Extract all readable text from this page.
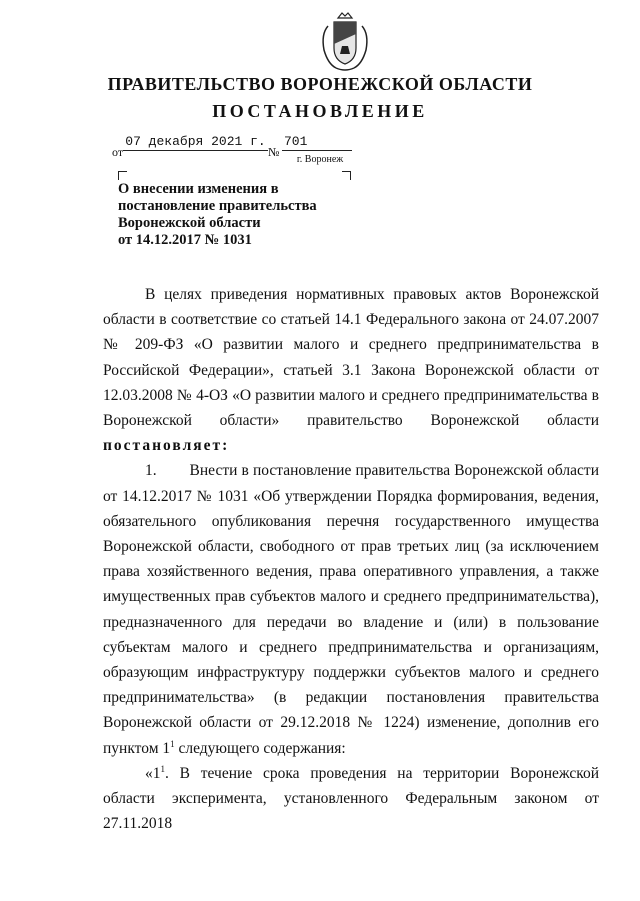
ПРАВИТЕЛЬСТВО ВОРОНЕЖСКОЙ ОБЛАСТИ
ПОСТАНОВЛЕНИЕ
от
07 декабря 2021 г.
№
701
г. Воронеж
О внесении изменения в
постановление правительства
Воронежской области
от 14.12.2017 № 1031

В целях приведения нормативных правовых актов Воронежской области в соответствие со статьей 14.1 Федерального закона от 24.07.2007 № 209-ФЗ «О развитии малого и среднего предпринимательства в Российской Федерации», статьей 3.1 Закона Воронежской области от 12.03.2008 № 4-ОЗ «О развитии малого и среднего предпринимательства в Воронежской области» правительство Воронежской области постановляет:

1. Внести в постановление правительства Воронежской области от 14.12.2017 № 1031 «Об утверждении Порядка формирования, ведения, обязательного опубликования перечня государственного имущества Воронежской области, свободного от прав третьих лиц (за исключением права хозяйственного ведения, права оперативного управления, а также имущественных прав субъектов малого и среднего предпринимательства), предназначенного для передачи во владение и (или) в пользование субъектам малого и среднего предпринимательства и организациям, образующим инфраструктуру поддержки субъектов малого и среднего предпринимательства» (в редакции постановления правительства Воронежской области от 29.12.2018 № 1224) изменение, дополнив его пунктом $1^1$ следующего содержания:

«$1^1$. В течение срока проведения на территории Воронежской области эксперимента, установленного Федеральным законом от 27.11.2018
